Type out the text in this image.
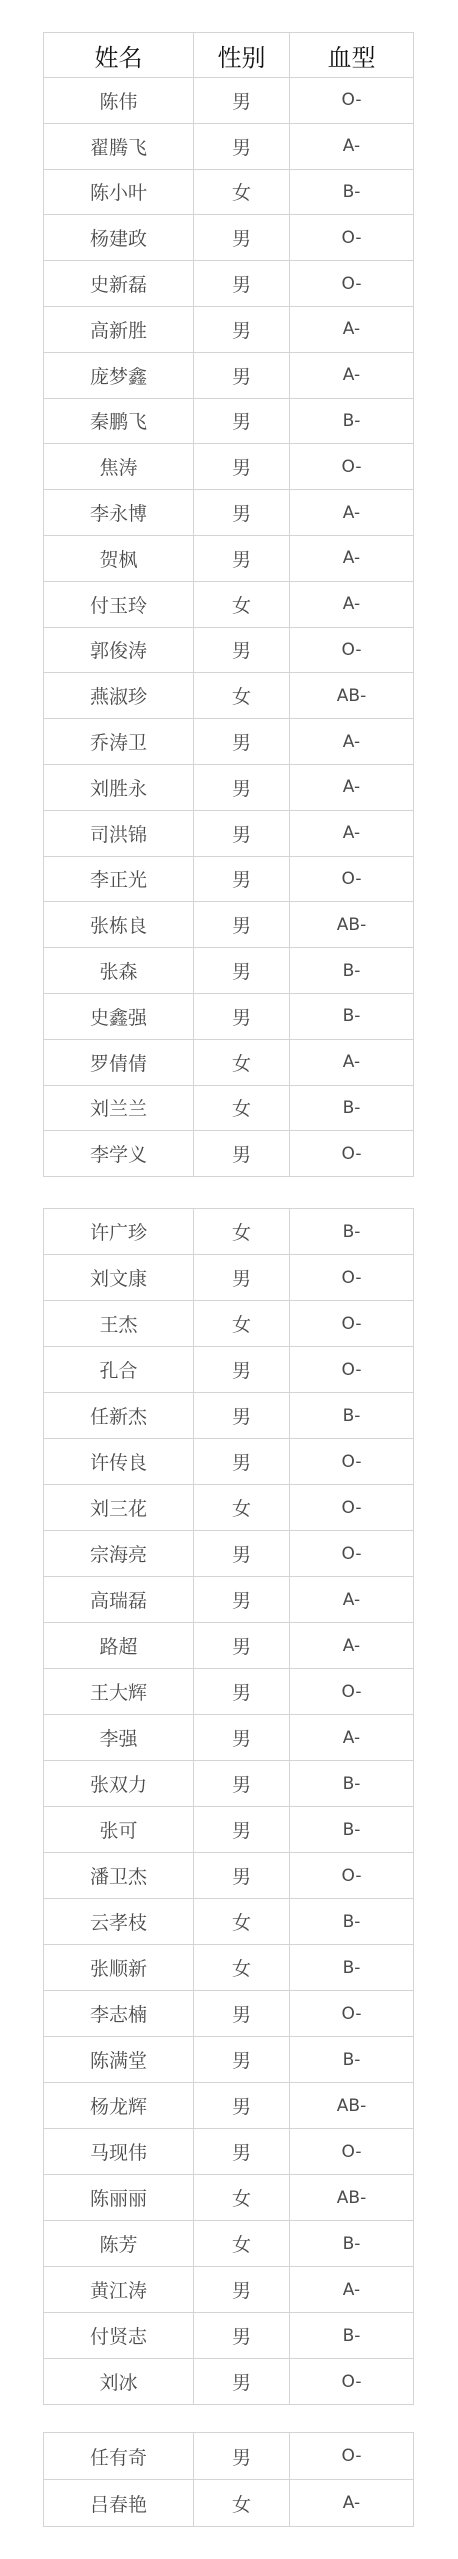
姓名	性别	血型
陈伟	男	O-
翟腾飞	男	A-
陈小叶	女	B-
杨建政	男	O-
史新磊	男	O-
高新胜	男	A-
庞梦鑫	男	A-
秦鹏飞	男	B-
焦涛	男	O-
李永博	男	A-
贺枫	男	A-
付玉玲	女	A-
郭俊涛	男	O-
燕淑珍	女	AB-
乔涛卫	男	A-
刘胜永	男	A-
司洪锦	男	A-
李正光	男	O-
张栋良	男	AB-
张森	男	B-
史鑫强	男	B-
罗倩倩	女	A-
刘兰兰	女	B-
李学义	男	O-
许广珍	女	B-
刘文康	男	O-
王杰	女	O-
孔合	男	O-
任新杰	男	B-
许传良	男	O-
刘三花	女	O-
宗海亮	男	O-
高瑞磊	男	A-
路超	男	A-
王大辉	男	O-
李强	男	A-
张双力	男	B-
张可	男	B-
潘卫杰	男	O-
云孝枝	女	B-
张顺新	女	B-
李志楠	男	O-
陈满堂	男	B-
杨龙辉	男	AB-
马现伟	男	O-
陈丽丽	女	AB-
陈芳	女	B-
黄江涛	男	A-
付贤志	男	B-
刘冰	男	O-
任有奇	男	O-
吕春艳	女	A-
